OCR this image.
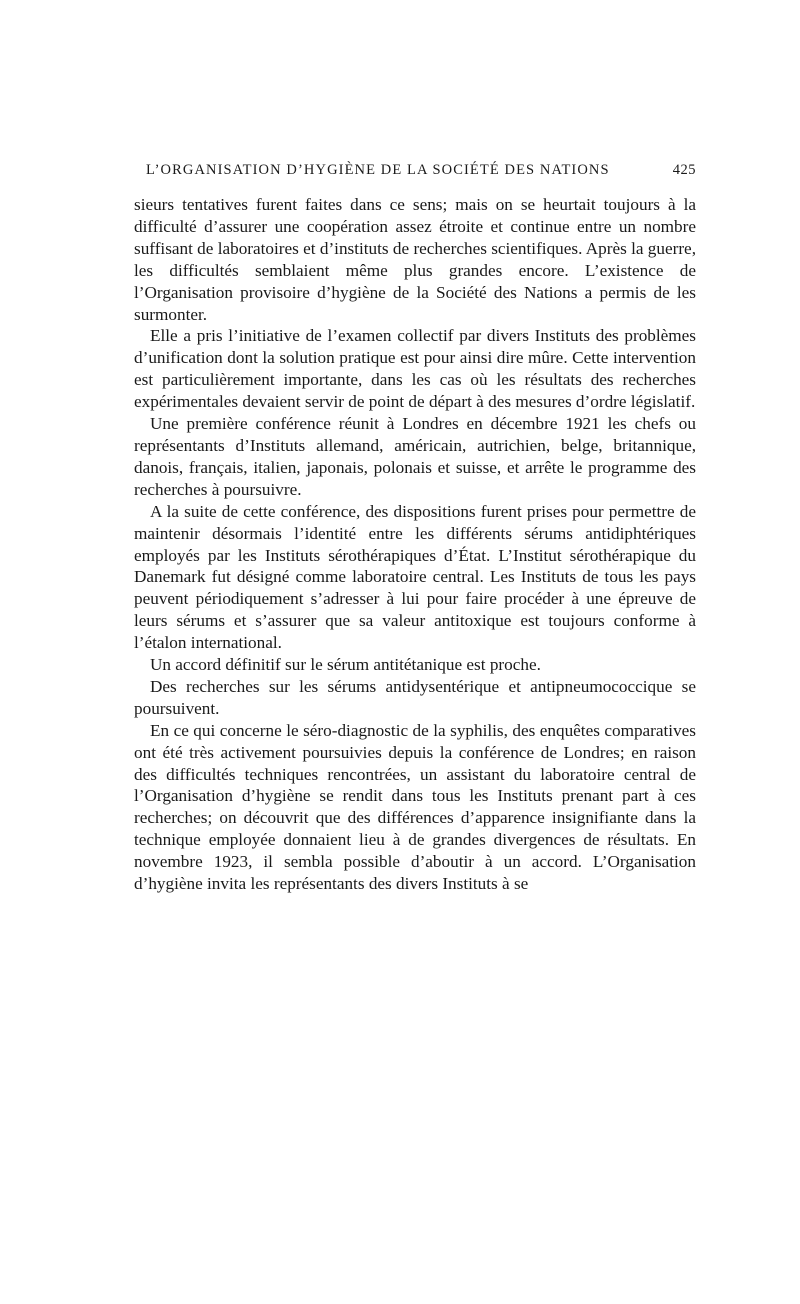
L’ORGANISATION D’HYGIÈNE DE LA SOCIÉTÉ DES NATIONS	425

sieurs tentatives furent faites dans ce sens; mais on se heurtait toujours à la difficulté d’assurer une coopération assez étroite et continue entre un nombre suffisant de laboratoires et d’instituts de recherches scientifiques. Après la guerre, les difficultés semblaient même plus grandes encore. L’existence de l’Organisation provisoire d’hygiène de la Société des Nations a permis de les surmonter.

Elle a pris l’initiative de l’examen collectif par divers Instituts des problèmes d’unification dont la solution pratique est pour ainsi dire mûre. Cette intervention est particulièrement importante, dans les cas où les résultats des recherches expérimentales devaient servir de point de départ à des mesures d’ordre législatif.

Une première conférence réunit à Londres en décembre 1921 les chefs ou représentants d’Instituts allemand, américain, autrichien, belge, britannique, danois, français, italien, japonais, polonais et suisse, et arrête le programme des recherches à poursuivre.

A la suite de cette conférence, des dispositions furent prises pour permettre de maintenir désormais l’identité entre les différents sérums antidiphtériques employés par les Instituts sérothérapiques d’État. L’Institut sérothérapique du Danemark fut désigné comme laboratoire central. Les Instituts de tous les pays peuvent périodiquement s’adresser à lui pour faire procéder à une épreuve de leurs sérums et s’assurer que sa valeur antitoxique est toujours conforme à l’étalon international.

Un accord définitif sur le sérum antitétanique est proche.

Des recherches sur les sérums antidysentérique et antipneumococcique se poursuivent.

En ce qui concerne le séro-diagnostic de la syphilis, des enquêtes comparatives ont été très activement poursuivies depuis la conférence de Londres; en raison des difficultés techniques rencontrées, un assistant du laboratoire central de l’Organisation d’hygiène se rendit dans tous les Instituts prenant part à ces recherches; on découvrit que des différences d’apparence insignifiante dans la technique employée donnaient lieu à de grandes divergences de résultats. En novembre 1923, il sembla possible d’aboutir à un accord. L’Organisation d’hygiène invita les représentants des divers Instituts à se
